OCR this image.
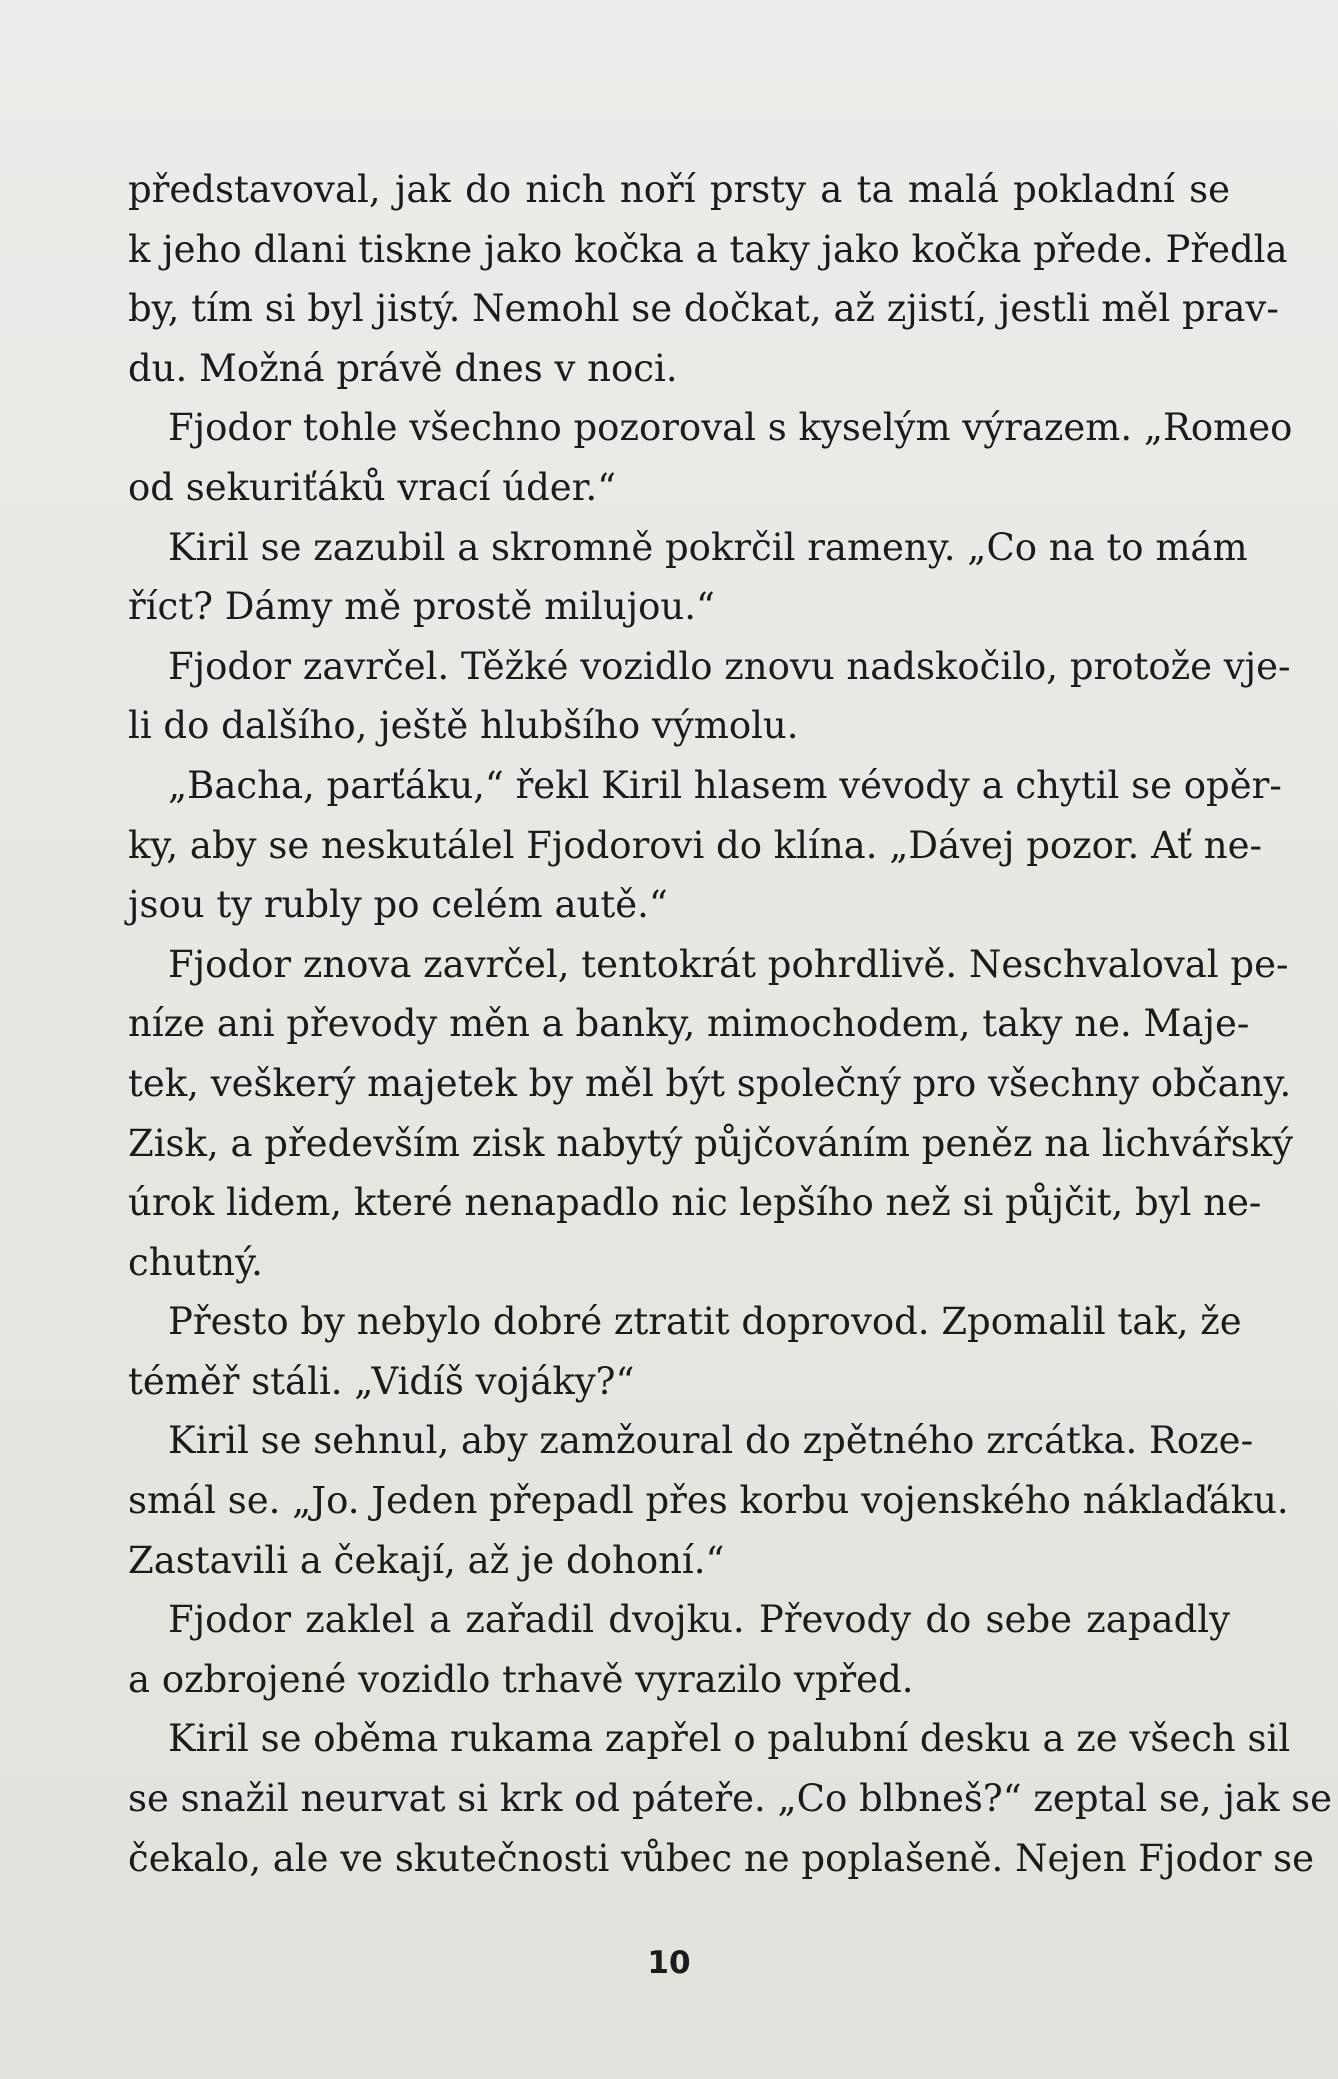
představoval, jak do nich noří prsty a ta malá pokladní se
k jeho dlani tiskne jako kočka a taky jako kočka přede. Předla
by, tím si byl jistý. Nemohl se dočkat, až zjistí, jestli měl prav-
du. Možná právě dnes v noci.
Fjodor tohle všechno pozoroval s kyselým výrazem. „Romeo
od sekuriťáků vrací úder.“
Kiril se zazubil a skromně pokrčil rameny. „Co na to mám
říct? Dámy mě prostě milujou.“
Fjodor zavrčel. Těžké vozidlo znovu nadskočilo, protože vje-
li do dalšího, ještě hlubšího výmolu.
„Bacha, parťáku,“ řekl Kiril hlasem vévody a chytil se opěr-
ky, aby se neskutálel Fjodorovi do klína. „Dávej pozor. Ať ne-
jsou ty rubly po celém autě.“
Fjodor znova zavrčel, tentokrát pohrdlivě. Neschvaloval pe-
níze ani převody měn a banky, mimochodem, taky ne. Maje-
tek, veškerý majetek by měl být společný pro všechny občany.
Zisk, a především zisk nabytý půjčováním peněz na lichvářský
úrok lidem, které nenapadlo nic lepšího než si půjčit, byl ne-
chutný.
Přesto by nebylo dobré ztratit doprovod. Zpomalil tak, že
téměř stáli. „Vidíš vojáky?“
Kiril se sehnul, aby zamžoural do zpětného zrcátka. Roze-
smál se. „Jo. Jeden přepadl přes korbu vojenského náklaďáku.
Zastavili a čekají, až je dohoní.“
Fjodor zaklel a zařadil dvojku. Převody do sebe zapadly
a ozbrojené vozidlo trhavě vyrazilo vpřed.
Kiril se oběma rukama zapřel o palubní desku a ze všech sil
se snažil neurvat si krk od páteře. „Co blbneš?“ zeptal se, jak se
čekalo, ale ve skutečnosti vůbec ne poplašeně. Nejen Fjodor se
10
